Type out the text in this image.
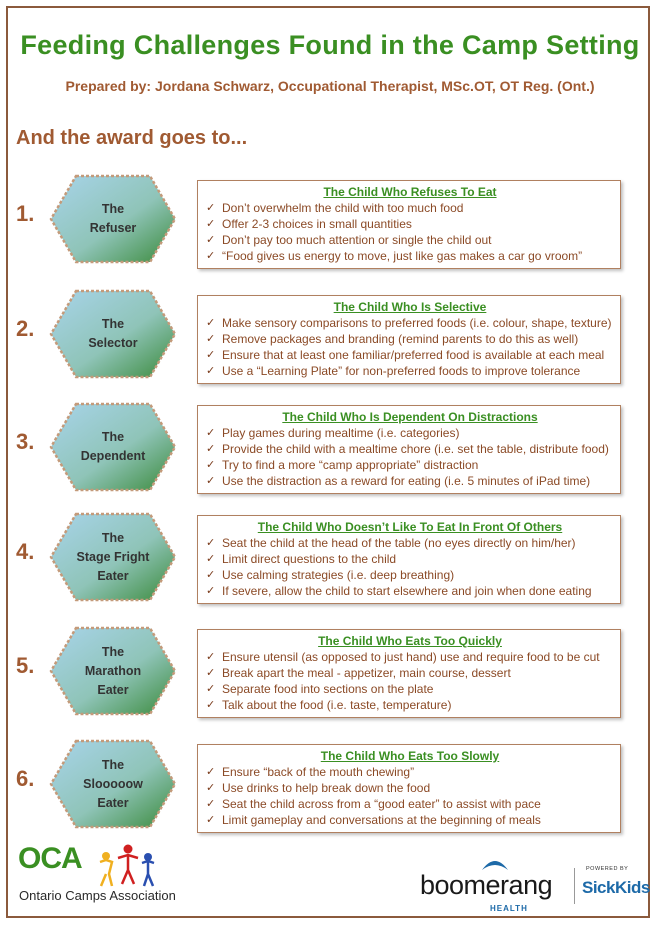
Feeding Challenges Found in the Camp Setting
Prepared by: Jordana Schwarz, Occupational Therapist, MSc.OT, OT Reg. (Ont.)
And the award goes to...
1.	The
Refuser
The Child Who Refuses To Eat
✓ Don’t overwhelm the child with too much food
✓ Offer 2-3 choices in small quantities
✓ Don’t pay too much attention or single the child out
✓ “Food gives us energy to move, just like gas makes a car go vroom”
2.	The
Selector
The Child Who Is Selective
✓ Make sensory comparisons to preferred foods (i.e. colour, shape, texture)
✓ Remove packages and branding (remind parents to do this as well)
✓ Ensure that at least one familiar/preferred food is available at each meal
✓ Use a “Learning Plate” for non-preferred foods to improve tolerance
3.	The
Dependent
The Child Who Is Dependent On Distractions
✓ Play games during mealtime (i.e. categories)
✓ Provide the child with a mealtime chore (i.e. set the table, distribute food)
✓ Try to find a more “camp appropriate” distraction
✓ Use the distraction as a reward for eating (i.e. 5 minutes of iPad time)
4.
The
Stage Fright
Eater
The Child Who Doesn’t Like To Eat In Front Of Others
✓ Seat the child at the head of the table (no eyes directly on him/her)
✓ Limit direct questions to the child
✓ Use calming strategies (i.e. deep breathing)
✓ If severe, allow the child to start elsewhere and join when done eating
5.
The
Marathon
Eater
The Child Who Eats Too Quickly
✓ Ensure utensil (as opposed to just hand) use and require food to be cut
✓ Break apart the meal - appetizer, main course, dessert
✓ Separate food into sections on the plate
✓ Talk about the food (i.e. taste, temperature)
6.
The
Slooooow
Eater
The Child Who Eats Too Slowly
✓ Ensure “back of the mouth chewing”
✓ Use drinks to help break down the food
✓ Seat the child across from a “good eater” to assist with pace
✓ Limit gameplay and conversations at the beginning of meals
OCA
Ontario Camps Association	boomerang
HEALTH
POWERED BY
SickKids
